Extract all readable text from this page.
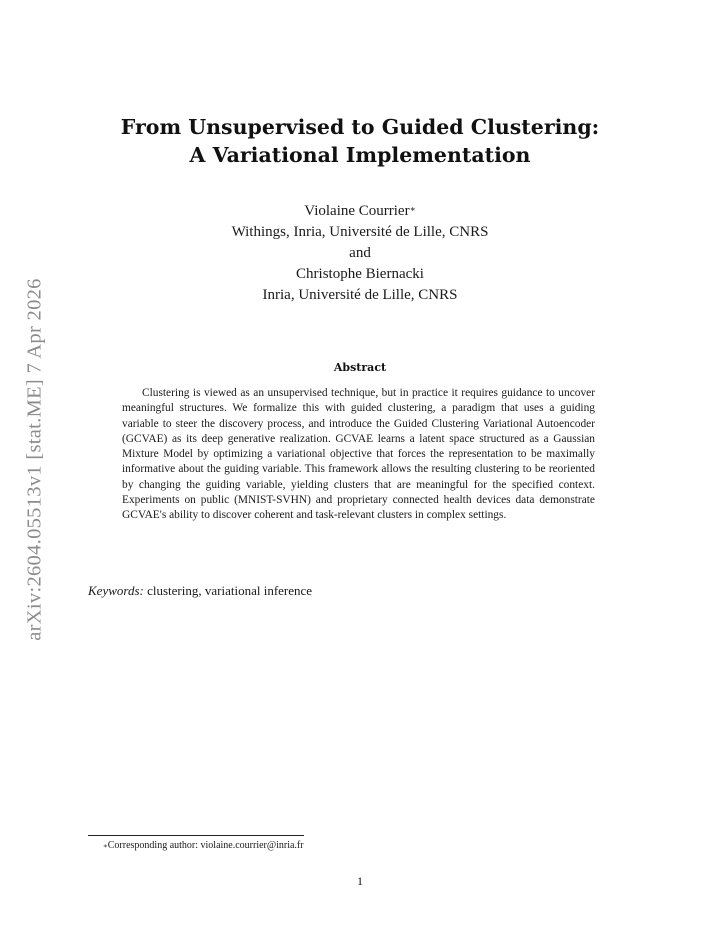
arXiv:2604.05513v1 [stat.ME] 7 Apr 2026
From Unsupervised to Guided Clustering:
A Variational Implementation
Violaine Courrier∗
Withings, Inria, Université de Lille, CNRS
and
Christophe Biernacki
Inria, Université de Lille, CNRS
Abstract
Clustering is viewed as an unsupervised technique, but in practice it requires guidance to uncover meaningful structures. We formalize this with guided clustering, a paradigm that uses a guiding variable to steer the discovery process, and introduce the Guided Clustering Variational Autoencoder (GCVAE) as its deep generative realization. GCVAE learns a latent space structured as a Gaussian Mixture Model by optimizing a variational objective that forces the representation to be maximally informative about the guiding variable. This framework allows the resulting clustering to be reoriented by changing the guiding variable, yielding clusters that are meaningful for the specified context. Experiments on public (MNIST-SVHN) and proprietary connected health devices data demonstrate GCVAE's ability to discover coherent and task-relevant clusters in complex settings.
Keywords: clustering, variational inference
∗Corresponding author: violaine.courrier@inria.fr
1
